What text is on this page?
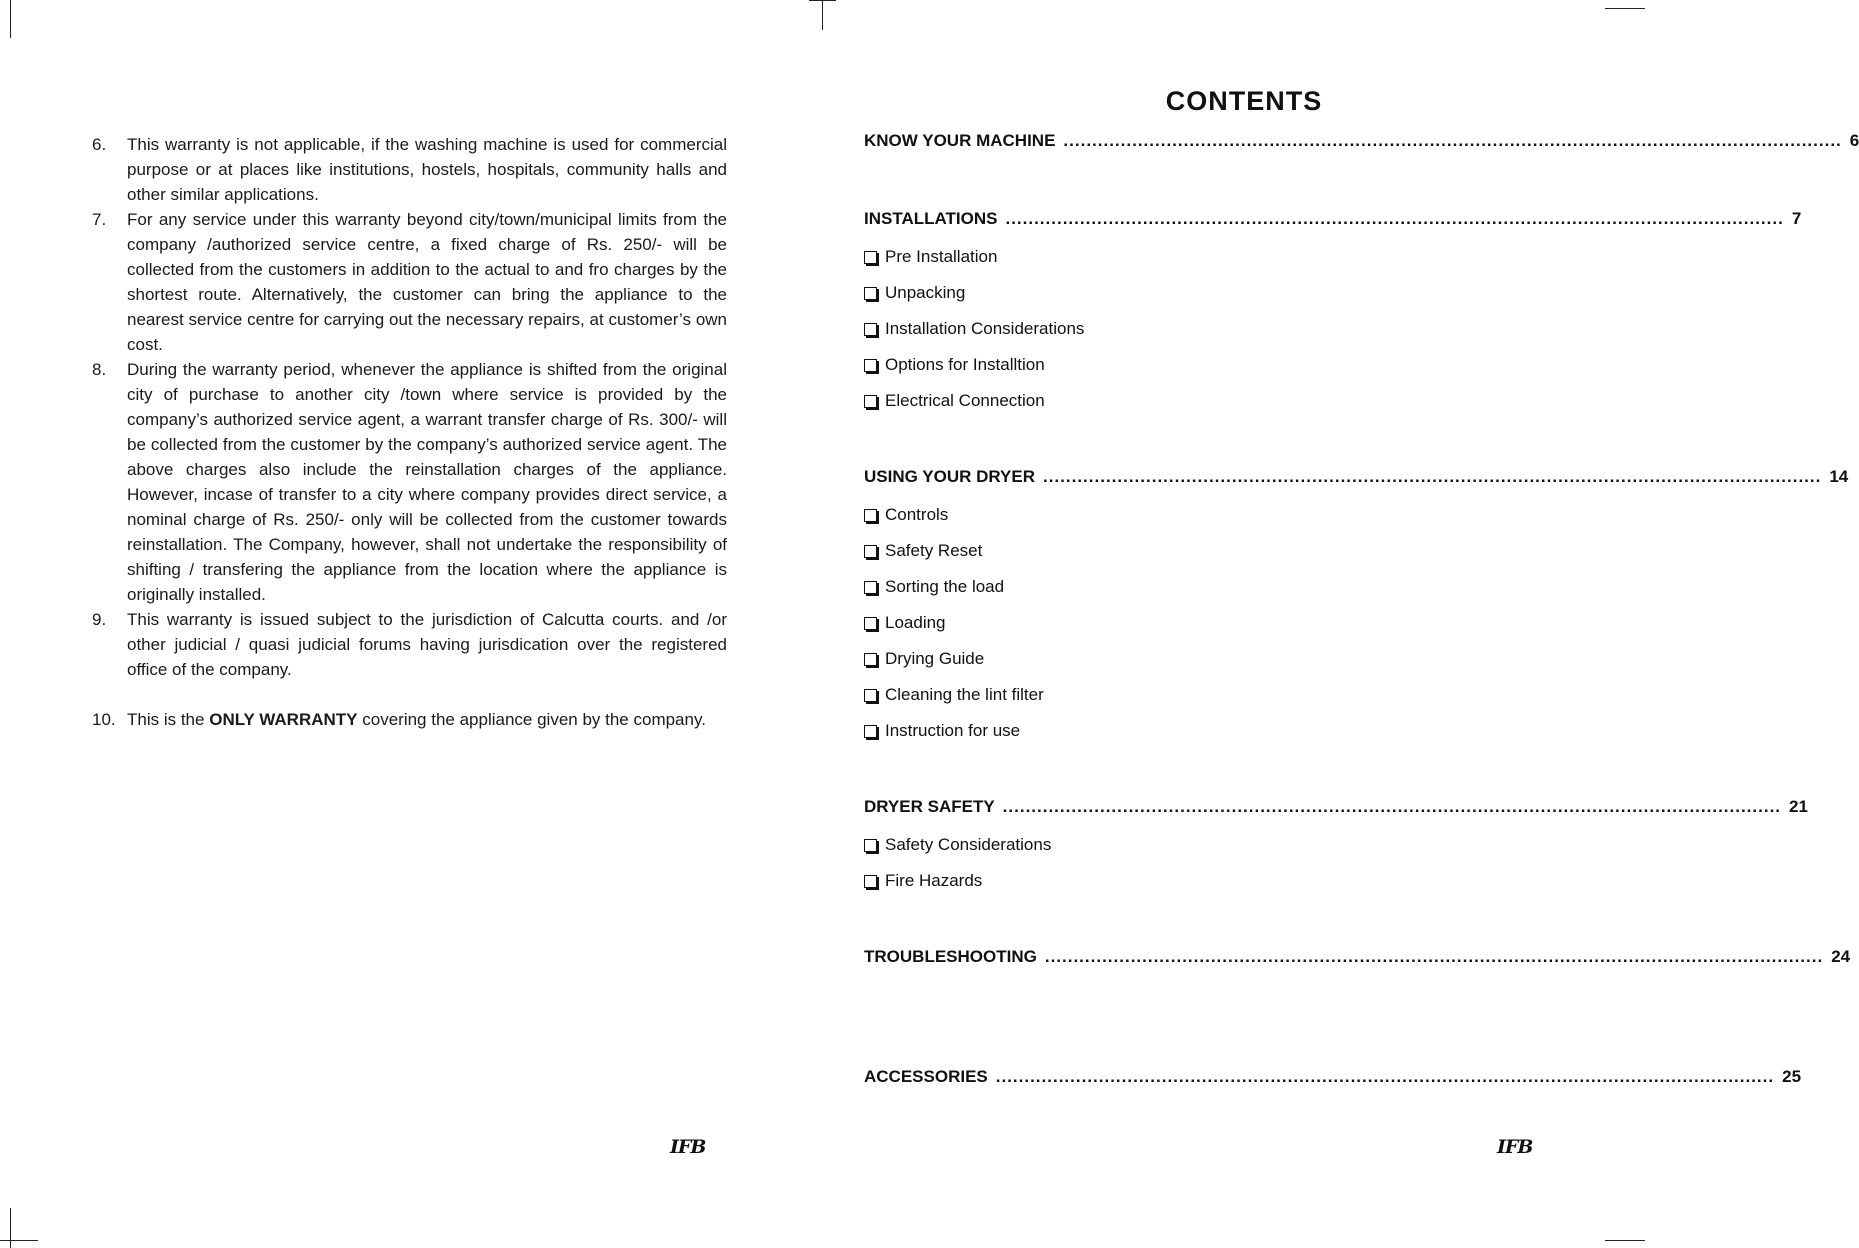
6.	This warranty is not applicable, if the washing machine is used for commercial purpose or at places like institutions, hostels, hospitals, community halls and other similar applications.
7.	For any service under this warranty beyond city/town/municipal limits from the company /authorized service centre, a fixed charge of Rs. 250/- will be collected from the customers in addition to the actual to and fro charges by the shortest route. Alternatively, the customer can bring the appliance to the nearest service centre for carrying out the necessary repairs, at customer’s own cost.
8.	During the warranty period, whenever the appliance is shifted from the original city of purchase to another city /town where service is provided by the company’s authorized service agent, a warrant transfer charge of Rs. 300/- will be collected from the customer by the company’s authorized service agent. The above charges also include the reinstallation charges of the appliance. However, incase of transfer to a city where company provides direct service, a nominal charge of Rs. 250/- only will be collected from the customer towards reinstallation. The Company, however, shall not undertake the responsibility of shifting / transfering the appliance from the location where the appliance is originally installed.
9.	This warranty is issued subject to the jurisdiction of Calcutta courts. and /or other judicial / quasi judicial forums having jurisdication over the registered office of the company.
10. This is the ONLY WARRANTY covering the appliance given by the company.
IFB
CONTENTS
KNOW YOUR MACHINE ........................................................................................................................................ 6
INSTALLATIONS ........................................................................................................................................ 7
Pre Installation
Unpacking
Installation Considerations
Options for Installtion
Electrical Connection
USING YOUR DRYER ........................................................................................................................................ 14
Controls
Safety Reset
Sorting the load
Loading
Drying Guide
Cleaning the lint filter
Instruction for use
DRYER SAFETY ........................................................................................................................................ 21
Safety Considerations
Fire Hazards
TROUBLESHOOTING ........................................................................................................................................ 24
ACCESSORIES ........................................................................................................................................ 25
IFB
